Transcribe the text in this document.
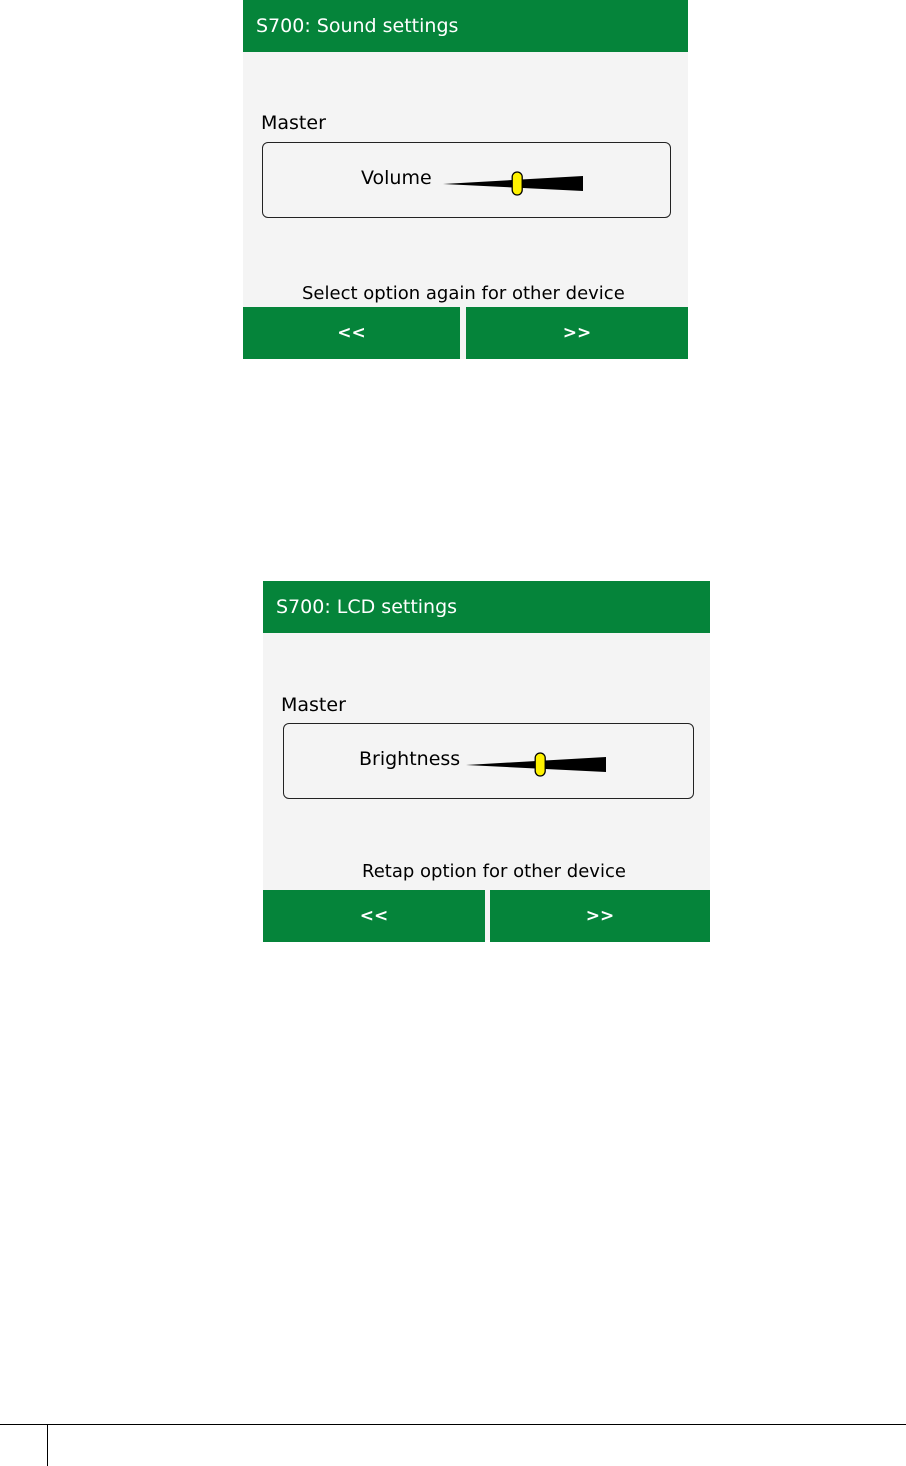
S700: Sound settings
Master
Volume
Select option again for other device
<<	>>
S700: LCD settings
Master
Brightness
Retap option for other device
<<	>>
